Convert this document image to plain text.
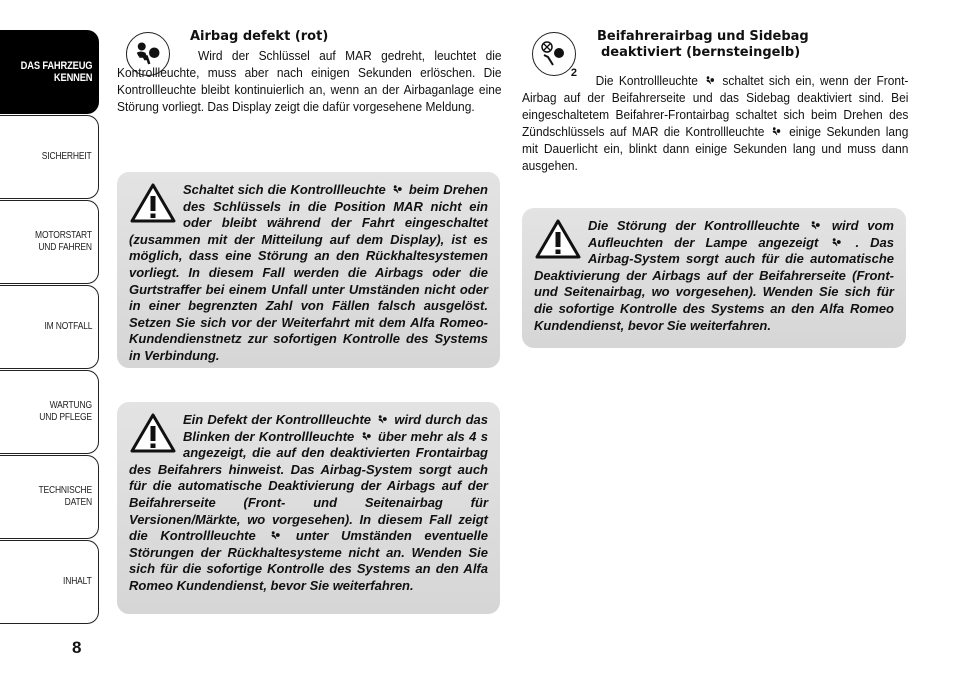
DAS FAHRZEUG
KENNEN
SICHERHEIT
MOTORSTART
UND FAHREN
IM NOTFALL
WARTUNG
UND PFLEGE
TECHNISCHE
DATEN
INHALT
8
Airbag defekt (rot)
Wird der Schlüssel auf MAR gedreht, leuchtet die Kontrollleuchte, muss aber nach einigen Sekunden erlöschen. Die Kontrollleuchte bleibt kontinuierlich an, wenn an der Airbaganlage eine Störung vorliegt. Das Display zeigt die dafür vorgesehene Meldung.
Schaltet sich die Kontrollleuchte beim Drehen des Schlüssels in die Position MAR nicht ein oder bleibt während der Fahrt eingeschaltet (zusammen mit der Mitteilung auf dem Display), ist es möglich, dass eine Störung an den Rückhaltesystemen vorliegt. In diesem Fall werden die Airbags oder die Gurtstraffer bei einem Unfall unter Umständen nicht oder in einer begrenzten Zahl von Fällen falsch ausgelöst. Setzen Sie sich vor der Weiterfahrt mit dem Alfa Romeo-Kundendienstnetz zur sofortigen Kontrolle des Systems in Verbindung.
Ein Defekt der Kontrollleuchte wird durch das Blinken der Kontrollleuchte über mehr als 4 s angezeigt, die auf den deaktivierten Frontairbag des Beifahrers hinweist. Das Airbag-System sorgt auch für die automatische Deaktivierung der Airbags auf der Beifahrerseite (Front- und Seitenairbag für Versionen/Märkte, wo vorgesehen). In diesem Fall zeigt die Kontrollleuchte	unter Umständen eventuelle Störungen der Rückhaltesysteme nicht an. Wenden Sie sich für die sofortige Kontrolle des Systems an den Alfa Romeo Kundendienst, bevor Sie weiterfahren.
2
Beifahrerairbag und Sidebag
deaktiviert (bernsteingelb)
Die Kontrollleuchte schaltet sich ein, wenn der Front-Airbag auf der Beifahrerseite und das Sidebag deaktiviert sind. Bei eingeschaltetem Beifahrer-Frontairbag schaltet sich beim Drehen des Zündschlüssels auf MAR die Kontrollleuchte einige Sekunden lang mit Dauerlicht ein, blinkt dann einige Sekunden lang und muss dann ausgehen.
Die Störung der Kontrollleuchte wird vom Aufleuchten der Lampe angezeigt	. Das Airbag-System sorgt auch für die automatische Deaktivierung der Airbags auf der Beifahrerseite (Front- und Seitenairbag, wo vorgesehen). Wenden Sie sich für die sofortige Kontrolle des Systems an den Alfa Romeo Kundendienst, bevor Sie weiterfahren.
